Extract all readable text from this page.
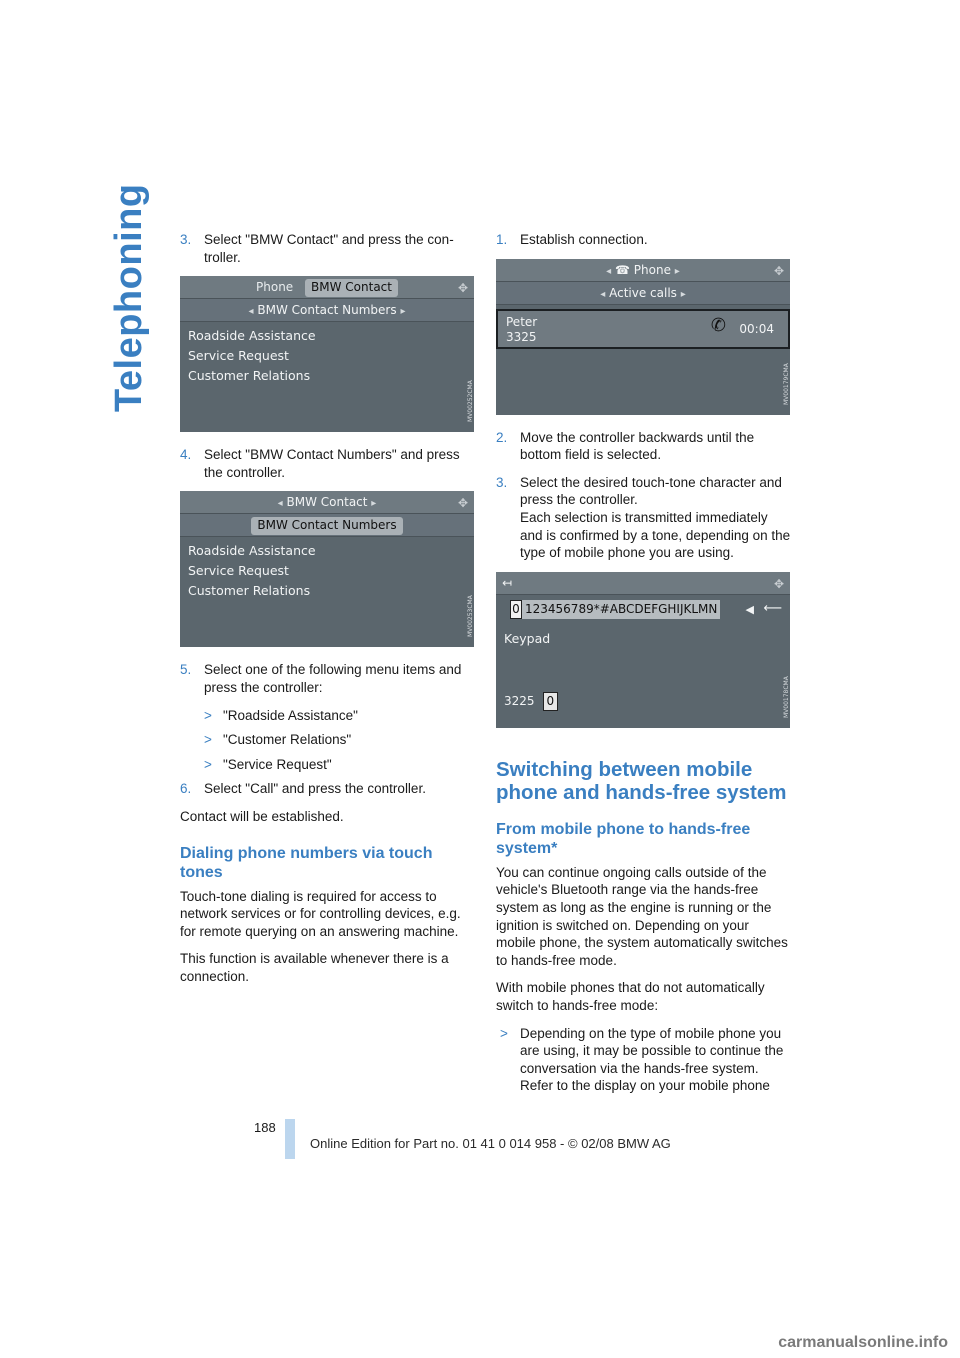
Telephoning 3. Select "BMW Contact" and press the con-troller.
Phone BMW Contact	✥
◂ BMW Contact Numbers ▸
Roadside Assistance
Service Request
Customer Relations
MV00252CMA
4. Select "BMW Contact Numbers" and press the controller.
◂ BMW Contact ▸	✥
BMW Contact Numbers
Roadside Assistance
Service Request
Customer Relations
MV00253CMA
5. Select one of the following menu items and press the controller:
> "Roadside Assistance"
> "Customer Relations"
> "Service Request"
6. Select "Call" and press the controller.
Contact will be established.
Dialing phone numbers via touch tones
Touch-tone dialing is required for access to network services or for controlling devices, e.g. for remote querying on an answering machine.
This function is available whenever there is a connection.
1. Establish connection.
◂ ☎ Phone ▸	✥
◂ Active calls ▸
Peter
3325
✆ 00:04
MV00179CMA
2. Move the controller backwards until the bottom field is selected.
3. Select the desired touch-tone character and press the controller.
Each selection is transmitted immediately and is confirmed by a tone, depending on the type of mobile phone you are using.
↤	✥
0 123456789*#ABCDEFGHIJKLMN	◀ ⟵
Keypad
3225 0	MV00178CMA
Switching between mobile phone and hands-free system
From mobile phone to hands-free system*
You can continue ongoing calls outside of the vehicle's Bluetooth range via the hands-free system as long as the engine is running or the ignition is switched on. Depending on your mobile phone, the system automatically switches to hands-free mode.
With mobile phones that do not automatically switch to hands-free mode:
> Depending on the type of mobile phone you are using, it may be possible to continue the conversation via the hands-free system. Refer to the display on your mobile phone
188
Online Edition for Part no. 01 41 0 014 958 - © 02/08 BMW AG
carmanualsonline.info
